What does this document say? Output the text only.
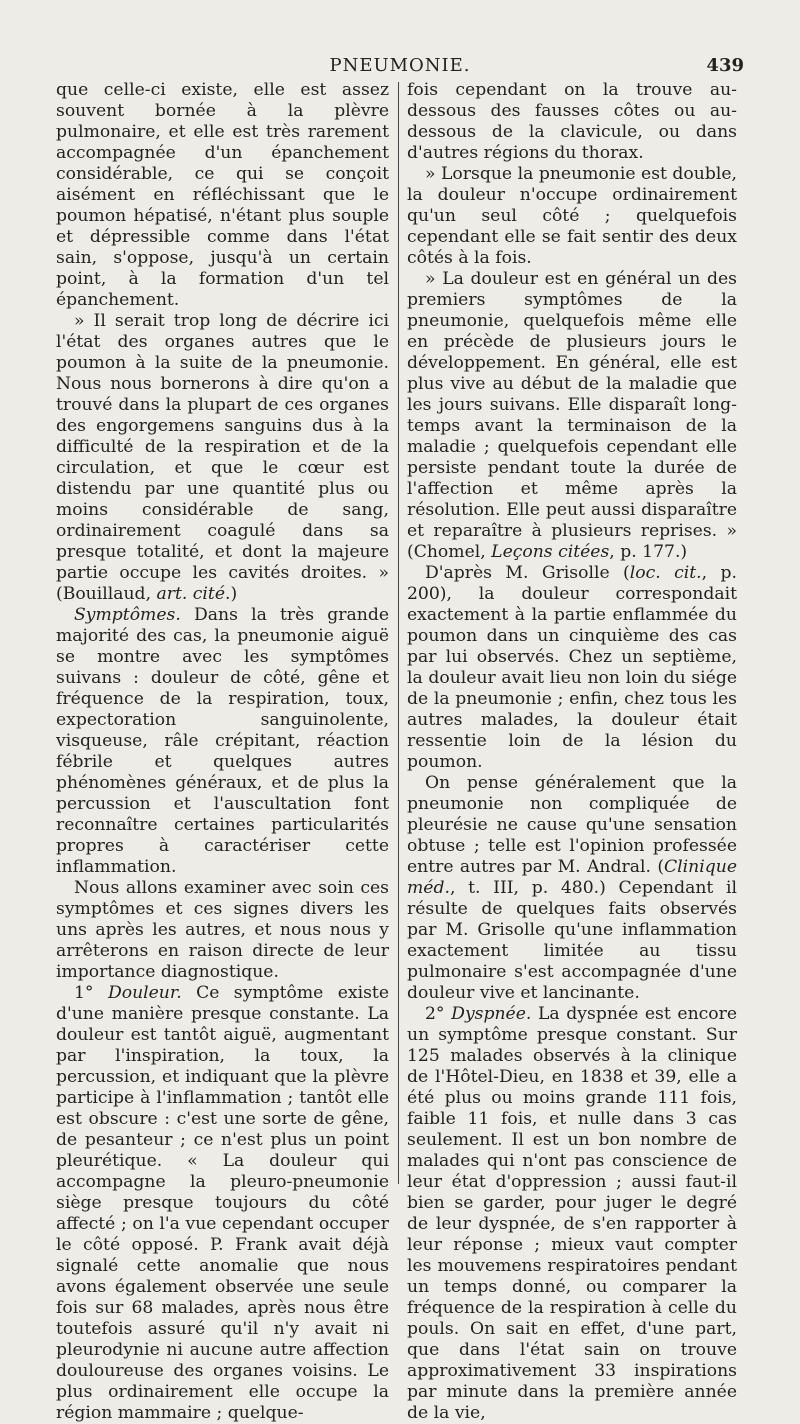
PNEUMONIE.	439

que celle-ci existe, elle est assez souvent bornée à la plèvre pulmonaire, et elle est très rarement accompagnée d'un épanchement considérable, ce qui se conçoit aisément en réfléchissant que le poumon hépatisé, n'étant plus souple et dépressible comme dans l'état sain, s'oppose, jusqu'à un certain point, à la formation d'un tel épanchement.

» Il serait trop long de décrire ici l'état des organes autres que le poumon à la suite de la pneumonie. Nous nous bornerons à dire qu'on a trouvé dans la plupart de ces organes des engorgemens sanguins dus à la difficulté de la respiration et de la circulation, et que le cœur est distendu par une quantité plus ou moins considérable de sang, ordinairement coagulé dans sa presque totalité, et dont la majeure partie occupe les cavités droites. » (Bouillaud, art. cité.)

Symptômes. Dans la très grande majorité des cas, la pneumonie aiguë se montre avec les symptômes suivans : douleur de côté, gêne et fréquence de la respiration, toux, expectoration sanguinolente, visqueuse, râle crépitant, réaction fébrile et quelques autres phénomènes généraux, et de plus la percussion et l'auscultation font reconnaître certaines particularités propres à caractériser cette inflammation.

Nous allons examiner avec soin ces symptômes et ces signes divers les uns après les autres, et nous nous y arrêterons en raison directe de leur importance diagnostique.

1° Douleur. Ce symptôme existe d'une manière presque constante. La douleur est tantôt aiguë, augmentant par l'inspiration, la toux, la percussion, et indiquant que la plèvre participe à l'inflammation ; tantôt elle est obscure : c'est une sorte de gêne, de pesanteur ; ce n'est plus un point pleurétique. « La douleur qui accompagne la pleuro-pneumonie siège presque toujours du côté affecté ; on l'a vue cependant occuper le côté opposé. P. Frank avait déjà signalé cette anomalie que nous avons également observée une seule fois sur 68 malades, après nous être toutefois assuré qu'il n'y avait ni pleurodynie ni aucune autre affection douloureuse des organes voisins. Le plus ordinairement elle occupe la région mammaire ; quelque-

fois cependant on la trouve au-dessous des fausses côtes ou au-dessous de la clavicule, ou dans d'autres régions du thorax.

» Lorsque la pneumonie est double, la douleur n'occupe ordinairement qu'un seul côté ; quelquefois cependant elle se fait sentir des deux côtés à la fois.

» La douleur est en général un des premiers symptômes de la pneumonie, quelquefois même elle en précède de plusieurs jours le développement. En général, elle est plus vive au début de la maladie que les jours suivans. Elle disparaît long-temps avant la terminaison de la maladie ; quelquefois cependant elle persiste pendant toute la durée de l'affection et même après la résolution. Elle peut aussi disparaître et reparaître à plusieurs reprises. » (Chomel, Leçons citées, p. 177.)

D'après M. Grisolle (loc. cit., p. 200), la douleur correspondait exactement à la partie enflammée du poumon dans un cinquième des cas par lui observés. Chez un septième, la douleur avait lieu non loin du siége de la pneumonie ; enfin, chez tous les autres malades, la douleur était ressentie loin de la lésion du poumon.

On pense généralement que la pneumonie non compliquée de pleurésie ne cause qu'une sensation obtuse ; telle est l'opinion professée entre autres par M. Andral. (Clinique méd., t. III, p. 480.) Cependant il résulte de quelques faits observés par M. Grisolle qu'une inflammation exactement limitée au tissu pulmonaire s'est accompagnée d'une douleur vive et lancinante.

2° Dyspnée. La dyspnée est encore un symptôme presque constant. Sur 125 malades observés à la clinique de l'Hôtel-Dieu, en 1838 et 39, elle a été plus ou moins grande 111 fois, faible 11 fois, et nulle dans 3 cas seulement. Il est un bon nombre de malades qui n'ont pas conscience de leur état d'oppression ; aussi faut-il bien se garder, pour juger le degré de leur dyspnée, de s'en rapporter à leur réponse ; mieux vaut compter les mouvemens respiratoires pendant un temps donné, ou comparer la fréquence de la respiration à celle du pouls. On sait en effet, d'une part, que dans l'état sain on trouve approximativement 33 inspirations par minute dans la première année de la vie,
